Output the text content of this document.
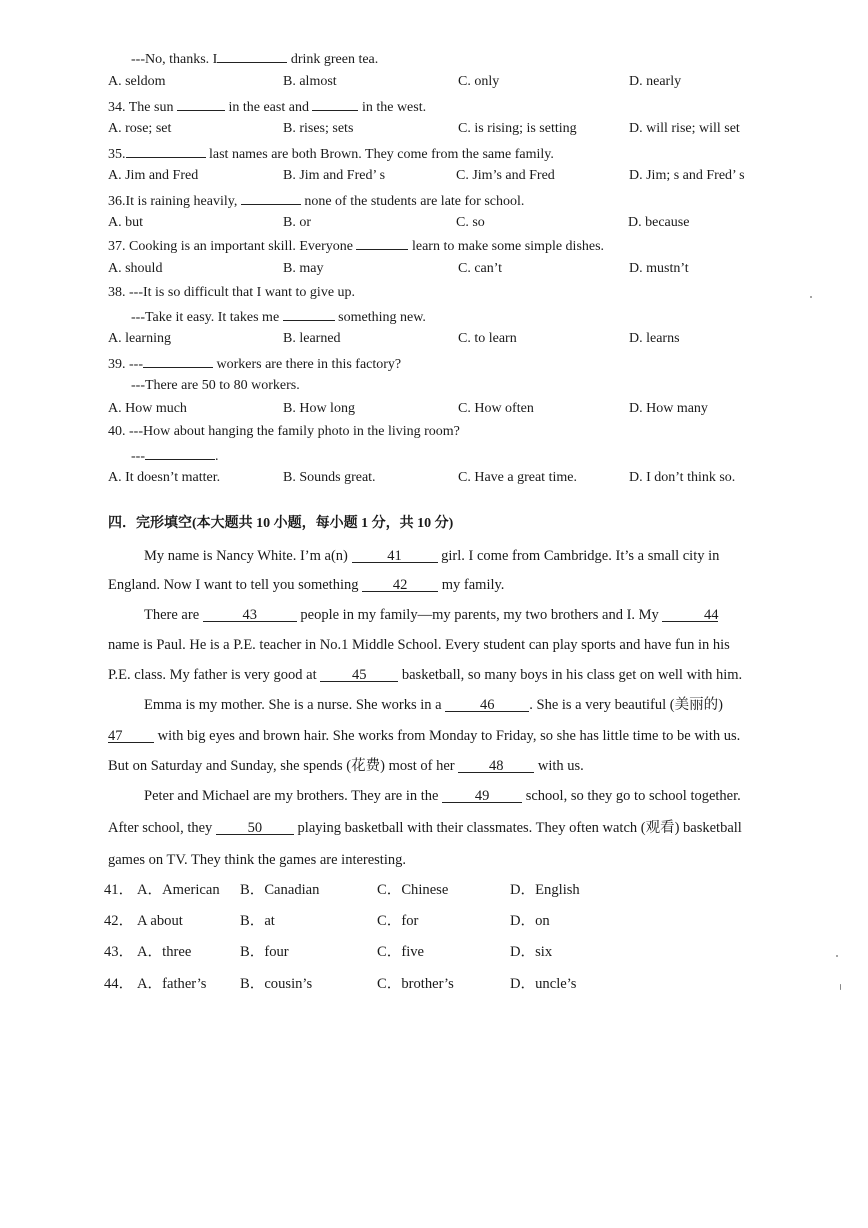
---No, thanks. I	drink green tea.
A. seldom	B. almost	C. only	D. nearly
34. The sun	in the east and	in the west.
A. rose; set	B. rises; sets	C. is rising; is setting	D. will rise; will set
35.	last names are both Brown. They come from the same family.
A. Jim and Fred	B. Jim and Fred’ s	C. Jim’s and Fred	D. Jim; s and Fred’ s
36.It is raining heavily,	none of the students are late for school.
A. but	B. or	C. so	D. because
37. Cooking is an important skill. Everyone	learn to make some simple dishes.
A. should	B. may	C. can’t	D. mustn’t
38. ---It is so difficult that I want to give up.
---Take it easy. It takes me	something new.
A. learning	B. learned	C. to learn	D. learns
39. ---	workers are there in this factory?
---There are 50 to 80 workers.
A. How much	B. How long	C. How often	D. How many
40. ---How about hanging the family photo in the living room?
---	.
A. It doesn’t matter.	B. Sounds great.	C. Have a great time.	D. I don’t think so.
四．完形填空(本大题共 10 小题，每小题 1 分，共 10 分)
My name is Nancy White. I’m a(n)	41	girl. I come from Cambridge. It’s a small city in
England. Now I want to tell you something 42 my family.
There are	43	people in my family—my parents, my two brothers and I. My	44
name is Paul. He is a P.E. teacher in No.1 Middle School. Every student can play sports and have fun in his
P.E. class. My father is very good at 45 basketball, so many boys in his class get on well with him.
Emma is my mother. She is a nurse. She works in a	46 . She is a very beautiful (美丽的)
47 with big eyes and brown hair. She works from Monday to Friday, so she has little time to be with us.
But on Saturday and Sunday, she spends (花费) most of her 48 with us.
Peter and Michael are my brothers. They are in the	49	school, so they go to school together.
After school, they 50 playing basketball with their classmates. They often watch (观看) basketball
games on TV. They think the games are interesting.
41． A．American B．Canadian	C．Chinese	D．English
42． A about	B．at	C．for	D．on
43． A．three	B．four	C．five	D．six
44． A．father’s B．cousin’s	C．brother’s	D．uncle’s
